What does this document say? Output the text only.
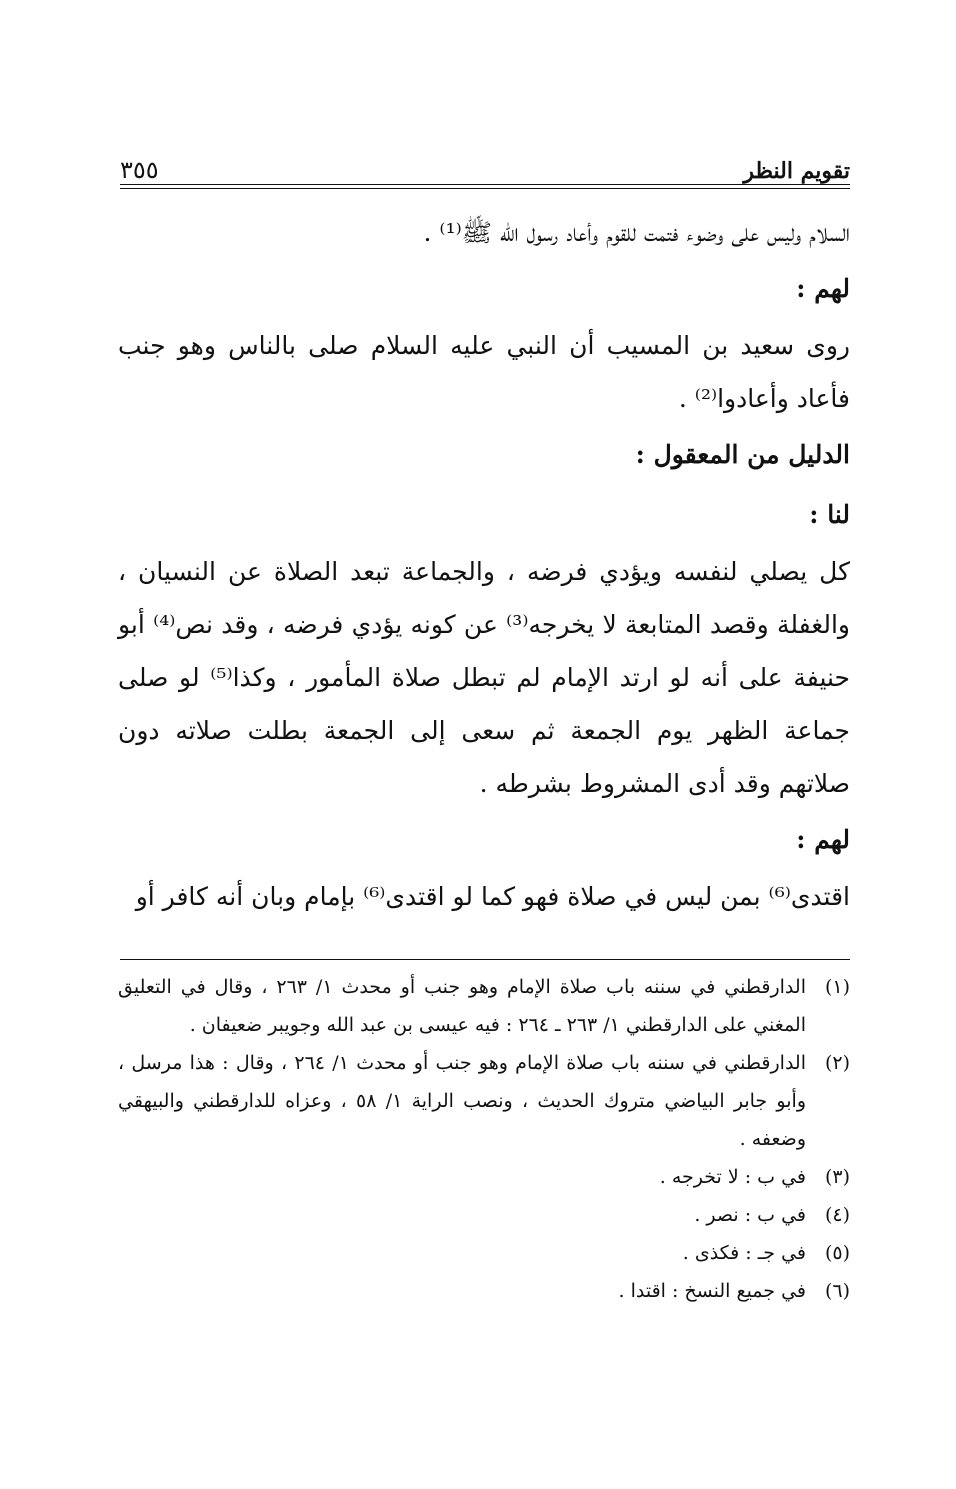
تقويم النظر
٣٥٥

السلام وليس على وضوء فتمت للقوم وأعاد رسول الله ﷺ⁽¹⁾ .

لهم :

روى سعيد بن المسيب أن النبي عليه السلام صلى بالناس وهو جنب فأعاد وأعادوا⁽²⁾ .

الدليل من المعقول :
لنا :

كل يصلي لنفسه ويؤدي فرضه ، والجماعة تبعد الصلاة عن النسيان ، والغفلة وقصد المتابعة لا يخرجه⁽³⁾ عن كونه يؤدي فرضه ، وقد نص⁽⁴⁾ أبو حنيفة على أنه لو ارتد الإمام لم تبطل صلاة المأمور ، وكذا⁽⁵⁾ لو صلى جماعة الظهر يوم الجمعة ثم سعى إلى الجمعة بطلت صلاته دون صلاتهم وقد أدى المشروط بشرطه .

لهم :

اقتدى⁽⁶⁾ بمن ليس في صلاة فهو كما لو اقتدى⁽⁶⁾ بإمام وبان أنه كافر أو

(١)
الدارقطني في سننه باب صلاة الإمام وهو جنب أو محدث ١/ ٢٦٣ ، وقال في التعليق المغني على الدارقطني ١/ ٢٦٣ ـ ٢٦٤ : فيه عيسى بن عبد الله وجويبر ضعيفان .
(٢)
الدارقطني في سننه باب صلاة الإمام وهو جنب أو محدث ١/ ٢٦٤ ، وقال : هذا مرسل ، وأبو جابر البياضي متروك الحديث ، ونصب الراية ١/ ٥٨ ، وعزاه للدارقطني والبيهقي وضعفه .
(٣)
في ب : لا تخرجه .
(٤)
في ب : نصر .
(٥)
في جـ : فكذى .
(٦)
في جميع النسخ : اقتدا .
